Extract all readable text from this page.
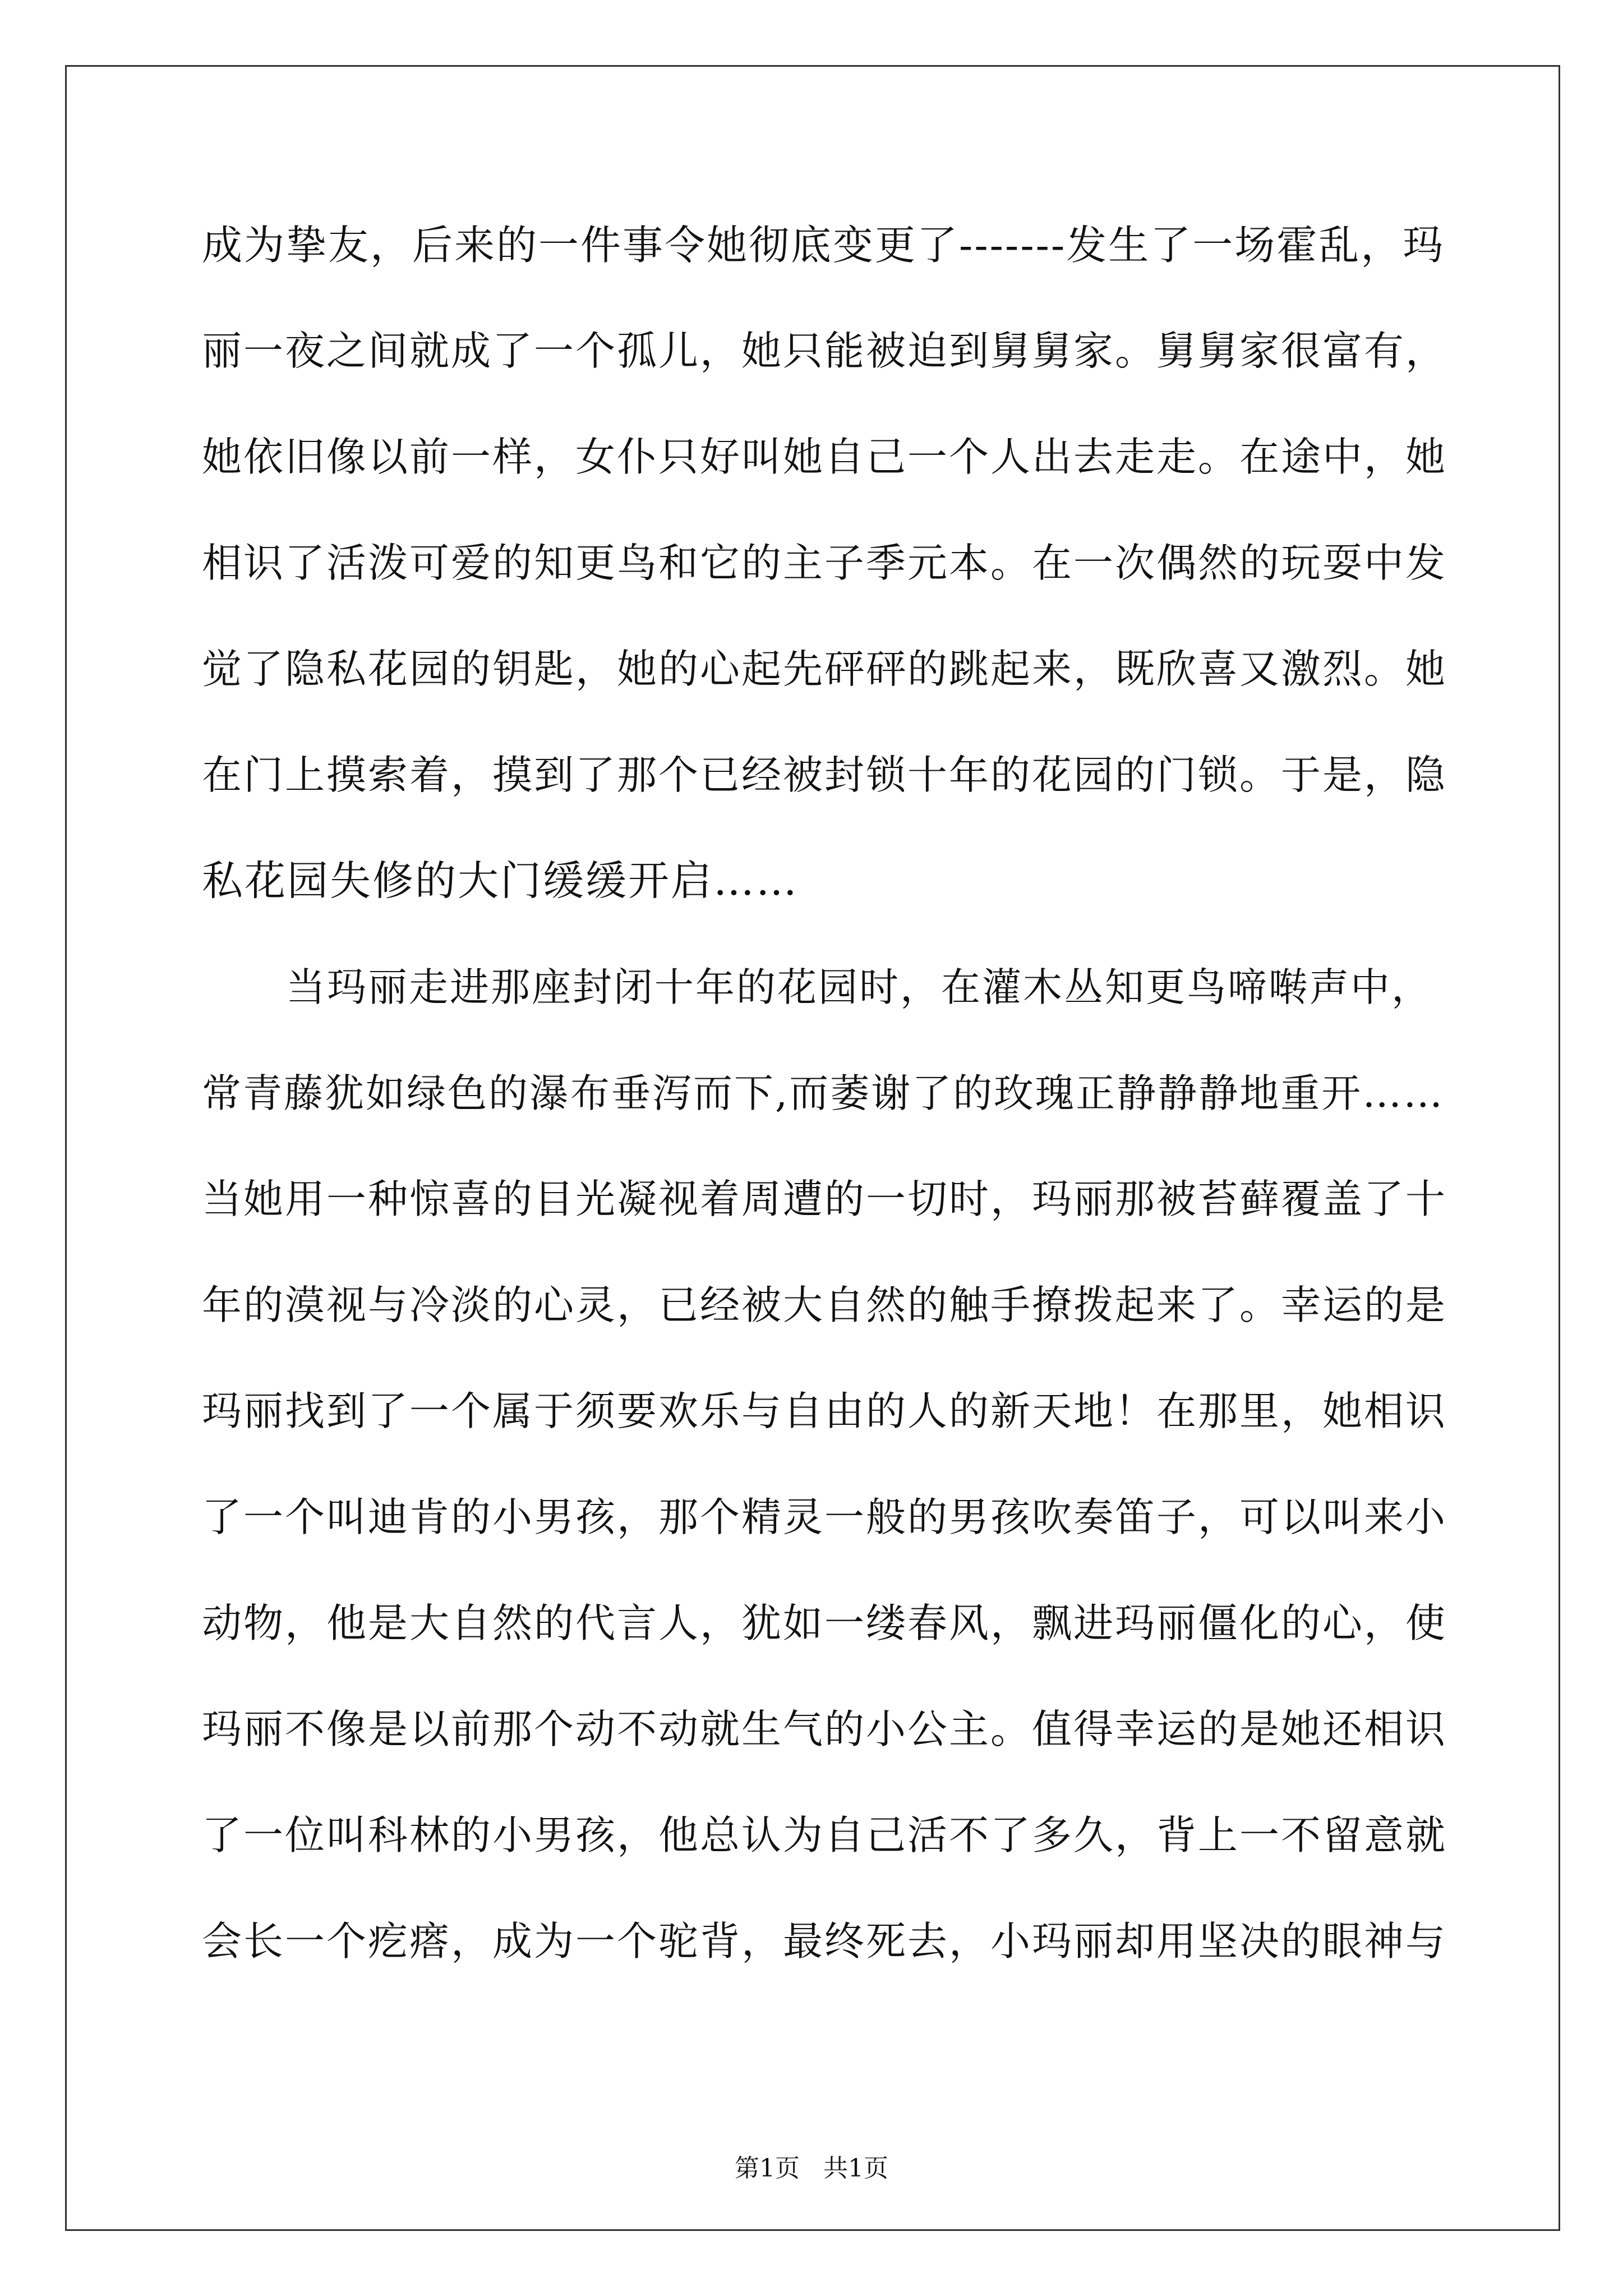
成为挚友，后来的一件事令她彻底变更了-------发生了一场霍乱，玛
丽一夜之间就成了一个孤儿，她只能被迫到舅舅家。舅舅家很富有，
她依旧像以前一样，女仆只好叫她自己一个人出去走走。在途中，她
相识了活泼可爱的知更鸟和它的主子季元本。在一次偶然的玩耍中发
觉了隐私花园的钥匙，她的心起先砰砰的跳起来，既欣喜又激烈。她
在门上摸索着，摸到了那个已经被封锁十年的花园的门锁。于是，隐
私花园失修的大门缓缓开启……
当玛丽走进那座封闭十年的花园时，在灌木丛知更鸟啼啭声中，
常青藤犹如绿色的瀑布垂泻而下,而萎谢了的玫瑰正静静静地重开……
当她用一种惊喜的目光凝视着周遭的一切时，玛丽那被苔藓覆盖了十
年的漠视与冷淡的心灵，已经被大自然的触手撩拨起来了。幸运的是
玛丽找到了一个属于须要欢乐与自由的人的新天地！在那里，她相识
了一个叫迪肯的小男孩，那个精灵一般的男孩吹奏笛子，可以叫来小
动物，他是大自然的代言人，犹如一缕春风，飘进玛丽僵化的心，使
玛丽不像是以前那个动不动就生气的小公主。值得幸运的是她还相识
了一位叫科林的小男孩，他总认为自己活不了多久，背上一不留意就
会长一个疙瘩，成为一个驼背，最终死去，小玛丽却用坚决的眼神与
第1页   共1页
